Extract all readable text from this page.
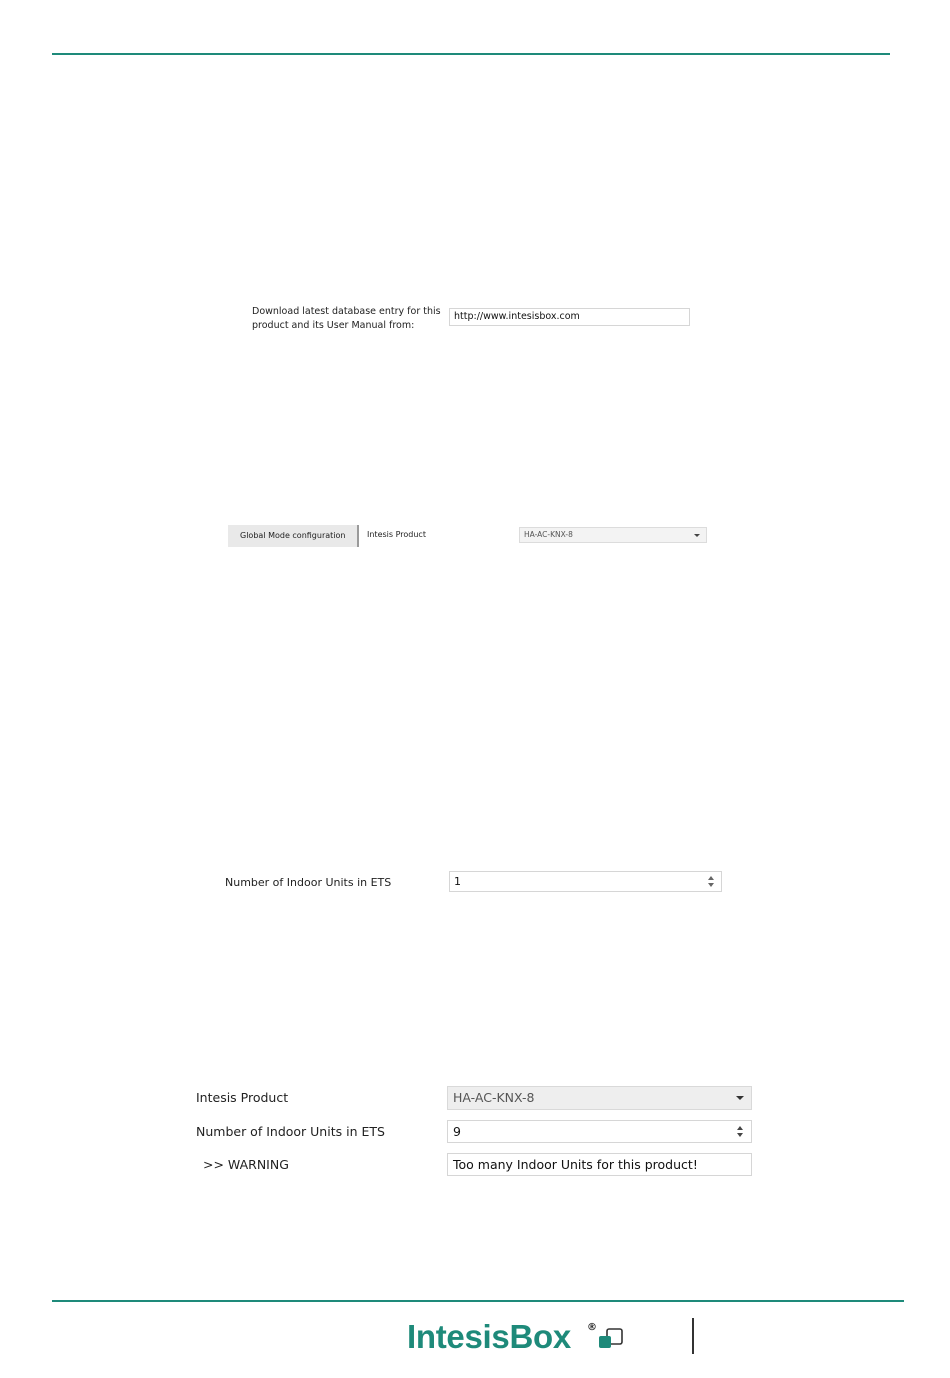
Download latest database entry for this
product and its User Manual from:
http://www.intesisbox.com
Global Mode configuration	Intesis Product	HA-AC-KNX-8
Number of Indoor Units in ETS	1
Intesis Product	HA-AC-KNX-8
Number of Indoor Units in ETS	9
>> WARNING	Too many Indoor Units for this product!
IntesisBox ®
